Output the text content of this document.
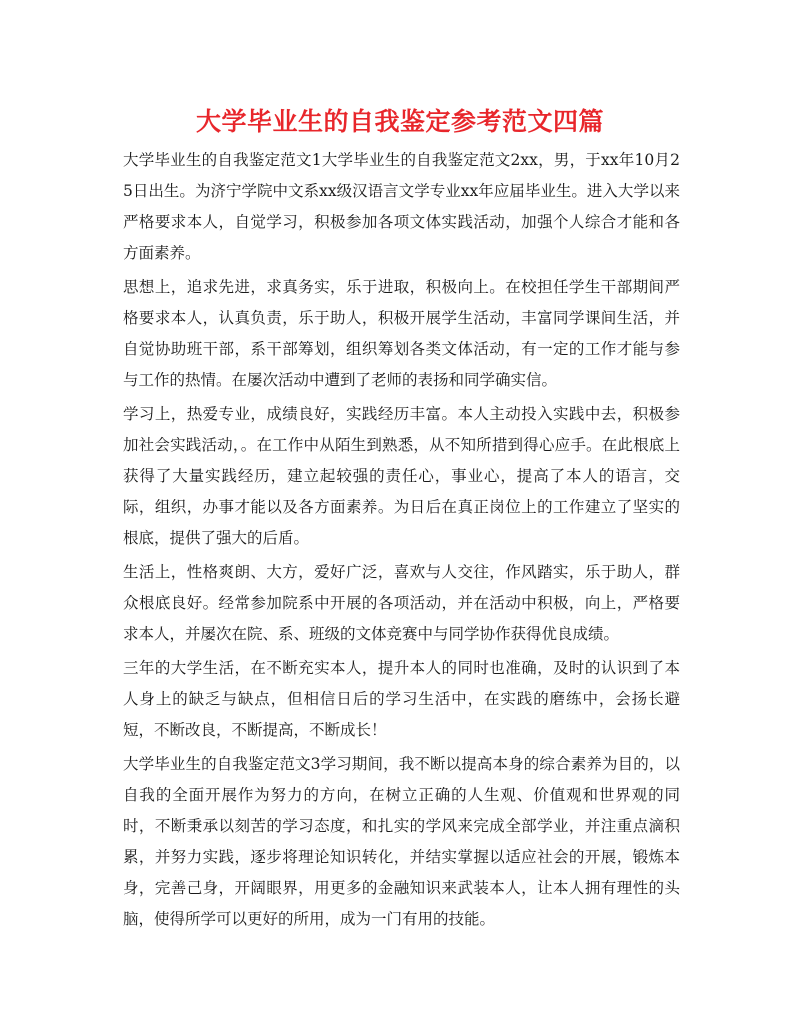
大学毕业生的自我鉴定参考范文四篇

大学毕业生的自我鉴定范文1大学毕业生的自我鉴定范文2xx，男，于xx年10月25日出生。为济宁学院中文系xx级汉语言文学专业xx年应届毕业生。进入大学以来严格要求本人，自觉学习，积极参加各项文体实践活动，加强个人综合才能和各方面素养。

思想上，追求先进，求真务实，乐于进取，积极向上。在校担任学生干部期间严格要求本人，认真负责，乐于助人，积极开展学生活动，丰富同学课间生活，并自觉协助班干部，系干部筹划，组织筹划各类文体活动，有一定的工作才能与参与工作的热情。在屡次活动中遭到了老师的表扬和同学确实信。

学习上，热爱专业，成绩良好，实践经历丰富。本人主动投入实践中去，积极参加社会实践活动，。在工作中从陌生到熟悉，从不知所措到得心应手。在此根底上获得了大量实践经历，建立起较强的责任心，事业心，提高了本人的语言，交际，组织，办事才能以及各方面素养。为日后在真正岗位上的工作建立了坚实的根底，提供了强大的后盾。

生活上，性格爽朗、大方，爱好广泛，喜欢与人交往，作风踏实，乐于助人，群众根底良好。经常参加院系中开展的各项活动，并在活动中积极，向上，严格要求本人，并屡次在院、系、班级的文体竞赛中与同学协作获得优良成绩。

三年的大学生活，在不断充实本人，提升本人的同时也准确，及时的认识到了本人身上的缺乏与缺点，但相信日后的学习生活中，在实践的磨练中，会扬长避短，不断改良，不断提高，不断成长！

大学毕业生的自我鉴定范文3学习期间，我不断以提高本身的综合素养为目的，以自我的全面开展作为努力的方向，在树立正确的人生观、价值观和世界观的同时，不断秉承以刻苦的学习态度，和扎实的学风来完成全部学业，并注重点滴积累，并努力实践，逐步将理论知识转化，并结实掌握以适应社会的开展，锻炼本身，完善己身，开阔眼界，用更多的金融知识来武装本人，让本人拥有理性的头脑，使得所学可以更好的所用，成为一门有用的技能。
